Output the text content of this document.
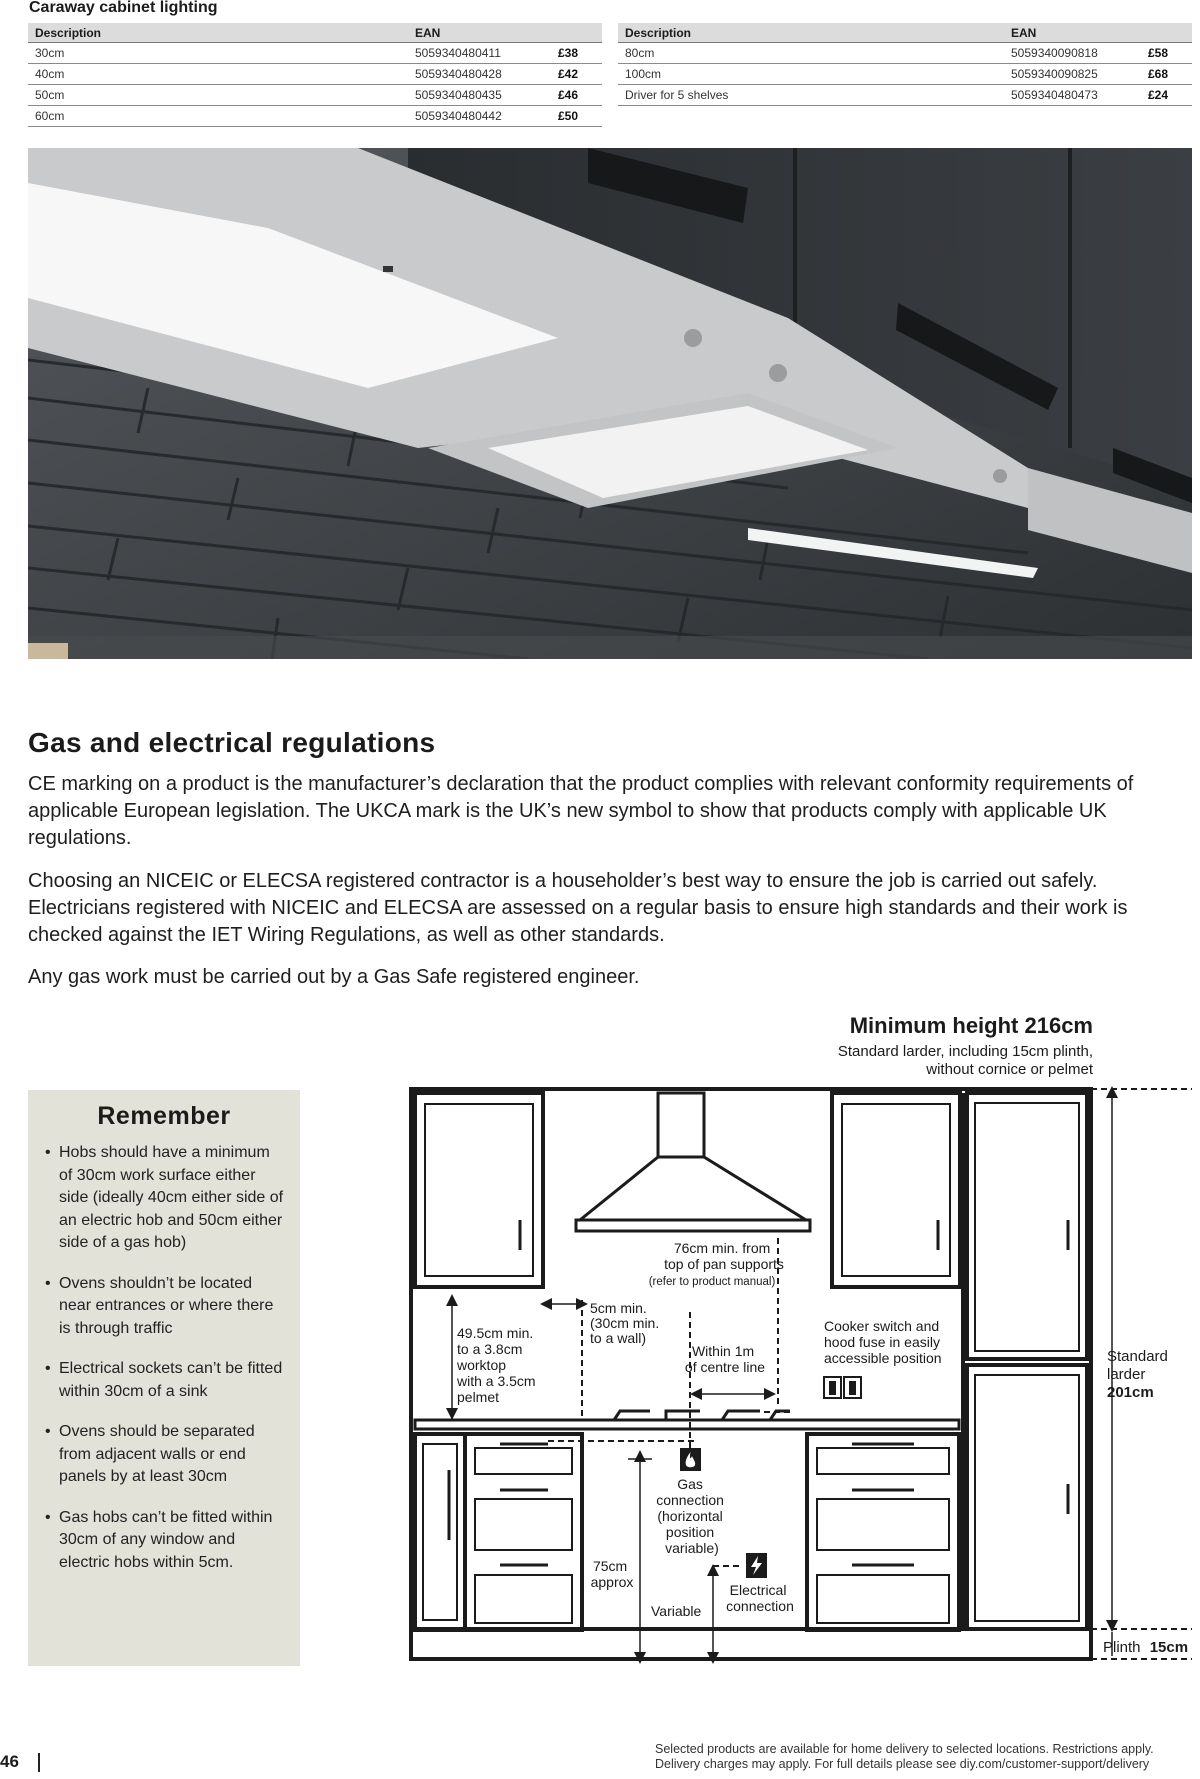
Caraway cabinet lighting
Description	EAN	
30cm	5059340480411	£38
40cm	5059340480428	£42
50cm	5059340480435	£46
60cm	5059340480442	£50
Description	EAN	
80cm	5059340090818	£58
100cm	5059340090825	£68
Driver for 5 shelves	5059340480473	£24
Gas and electrical regulations

CE marking on a product is the manufacturer’s declaration that the product complies with relevant conformity requirements of applicable European legislation. The UKCA mark is the UK’s new symbol to show that products comply with applicable UK regulations.

Choosing an NICEIC or ELECSA registered contractor is a householder’s best way to ensure the job is carried out safely. Electricians registered with NICEIC and ELECSA are assessed on a regular basis to ensure high standards and their work is checked against the IET Wiring Regulations, as well as other standards.

Any gas work must be carried out by a Gas Safe registered engineer.

Remember
• Hobs should have a minimum of 30cm work surface either side (ideally 40cm either side of an electric hob and 50cm either side of a gas hob)
• Ovens shouldn’t be located near entrances or where there is through traffic
• Electrical sockets can’t be fitted within 30cm of a sink
• Ovens should be separated from adjacent walls or end panels by at least 30cm
• Gas hobs can’t be fitted within 30cm of any window and electric hobs within 5cm.
Minimum height 216cm
Standard larder, including 15cm plinth,
without cornice or pelmet
76cm min. from top of pan supports
(refer to product manual)
5cm min. (30cm min. to a wall)
49.5cm min. to a 3.8cm worktop with a 3.5cm pelmet
Within 1m of centre line
Cooker switch and hood fuse in easily accessible position	Standard larder 201cm
Gas connection (horizontal position variable)
75cm approx
Variable
Electrical connection
Plinth 15cm
46
Selected products are available for home delivery to selected locations. Restrictions apply.
Delivery charges may apply. For full details please see diy.com/customer-support/delivery
